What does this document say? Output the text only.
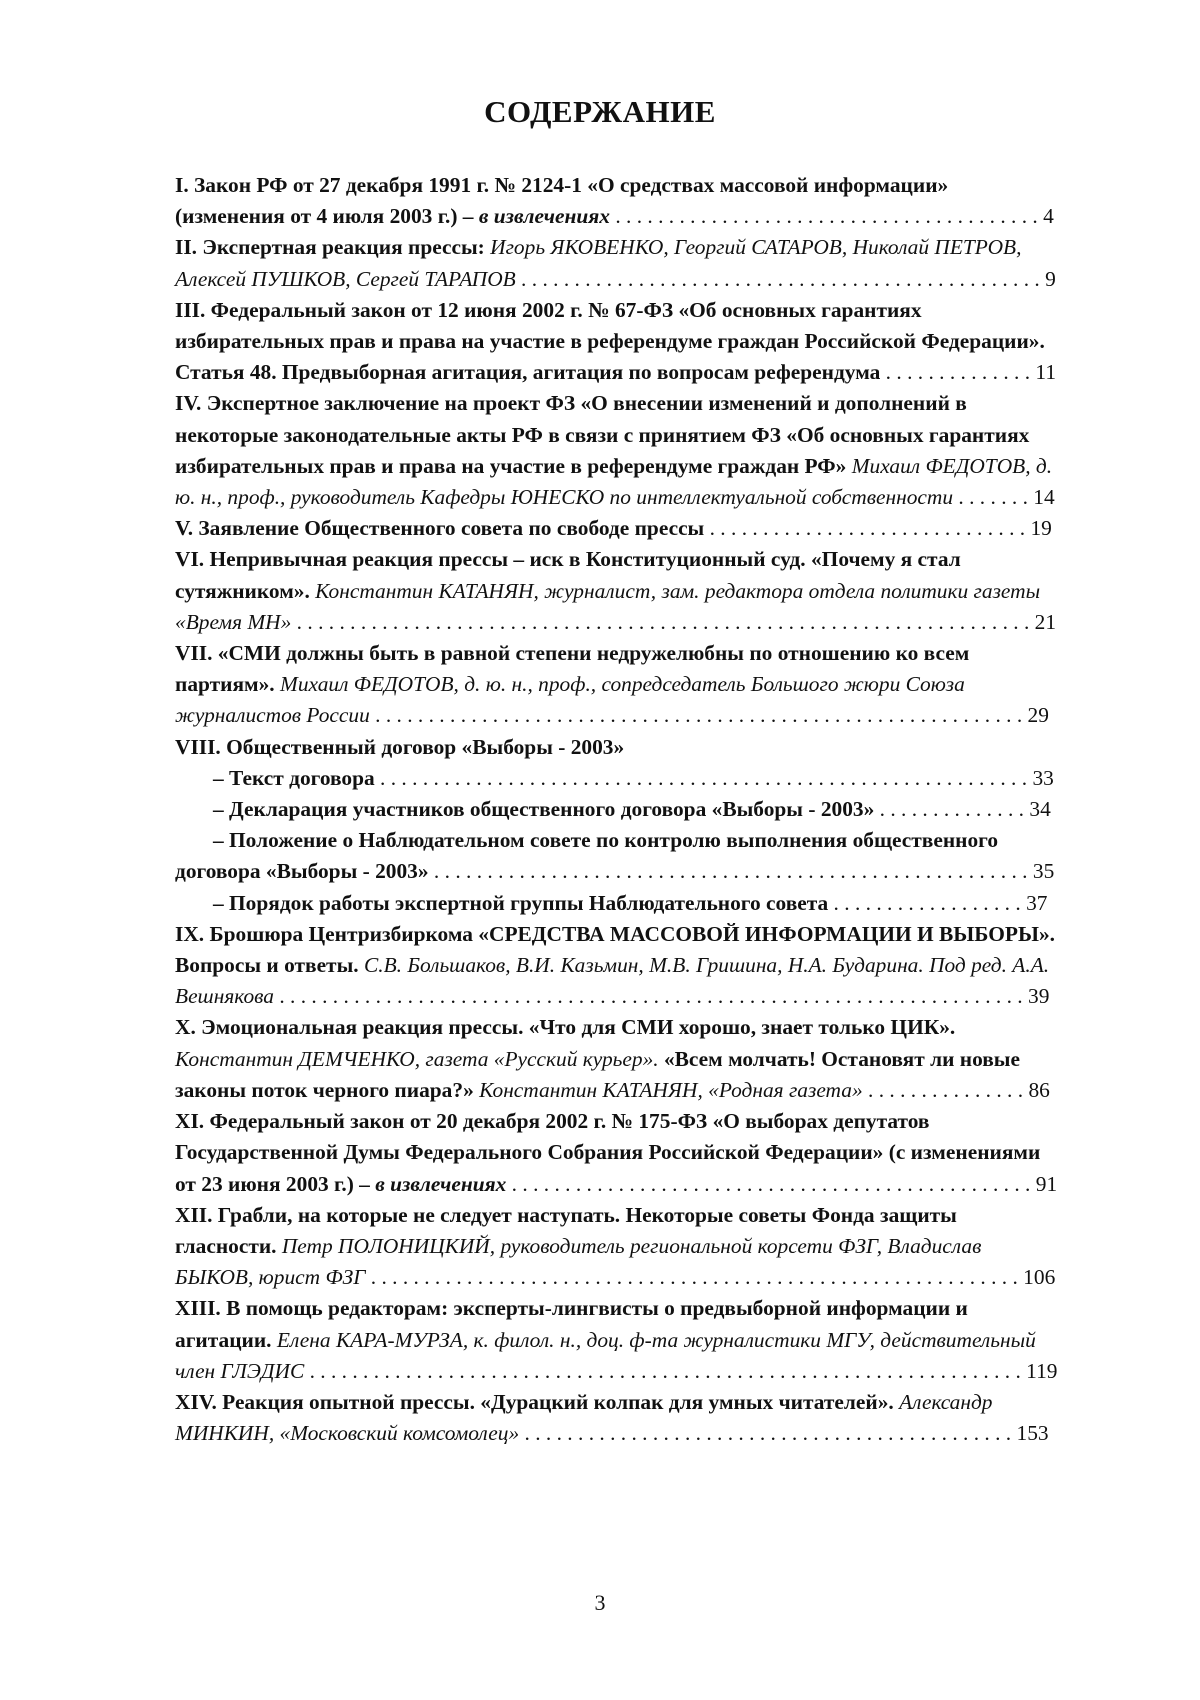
СОДЕРЖАНИЕ
I. Закон РФ от 27 декабря 1991 г. № 2124-1 «О средствах массовой информации» (изменения от 4 июля 2003 г.) – в извлечениях . . . . . . . . . . . . . . . . . . . . . . . . . . . . . . . . . . . . . . . . 4
II. Экспертная реакция прессы: Игорь ЯКОВЕНКО, Георгий САТАРОВ, Николай ПЕТРОВ, Алексей ПУШКОВ, Сергей ТАРАПОВ . . . . . . . . . . . . . . . . . . . . . . . . . . . . . . . . . . . . . . . . . . . . . . . . . 9
III. Федеральный закон от 12 июня 2002 г. № 67-ФЗ «Об основных гарантиях избирательных прав и права на участие в референдуме граждан Российской Федерации». Статья 48. Предвыборная агитация, агитация по вопросам референдума . . . . . . . . . . . . . . 11
IV. Экспертное заключение на проект ФЗ «О внесении изменений и дополнений в некоторые законодательные акты РФ в связи с принятием ФЗ «Об основных гарантиях избирательных прав и права на участие в референдуме граждан РФ» Михаил ФЕДОТОВ, д. ю. н., проф., руководитель Кафедры ЮНЕСКО по интеллектуальной собственности . . . . . . . 14
V. Заявление Общественного совета по свободе прессы . . . . . . . . . . . . . . . . . . . . . . . . . . . . . . 19
VI. Непривычная реакция прессы – иск в Конституционный суд. «Почему я стал сутяжником». Константин КАТАНЯН, журналист, зам. редактора отдела политики газеты «Время МН» . . . . . . . . . . . . . . . . . . . . . . . . . . . . . . . . . . . . . . . . . . . . . . . . . . . . . . . . . . . . . . . . . . . . . 21
VII. «СМИ должны быть в равной степени недружелюбны по отношению ко всем партиям». Михаил ФЕДОТОВ, д. ю. н., проф., сопредседатель Большого жюри Союза журналистов России . . . . . . . . . . . . . . . . . . . . . . . . . . . . . . . . . . . . . . . . . . . . . . . . . . . . . . . . . . . . . 29
VIII. Общественный договор «Выборы - 2003»
– Текст договора . . . . . . . . . . . . . . . . . . . . . . . . . . . . . . . . . . . . . . . . . . . . . . . . . . . . . . . . . . . . . 33
– Декларация участников общественного договора «Выборы - 2003» . . . . . . . . . . . . . . 34
– Положение о Наблюдательном совете по контролю выполнения общественного договора «Выборы - 2003» . . . . . . . . . . . . . . . . . . . . . . . . . . . . . . . . . . . . . . . . . . . . . . . . . . . . . . . . 35
– Порядок работы экспертной группы Наблюдательного совета . . . . . . . . . . . . . . . . . . 37
IX. Брошюра Центризбиркома «СРЕДСТВА МАССОВОЙ ИНФОРМАЦИИ И ВЫБОРЫ». Вопросы и ответы. С.В. Большаков, В.И. Казьмин, М.В. Гришина, Н.А. Бударина. Под ред. А.А. Вешнякова . . . . . . . . . . . . . . . . . . . . . . . . . . . . . . . . . . . . . . . . . . . . . . . . . . . . . . . . . . . . . . . . . . . . . . 39
X. Эмоциональная реакция прессы. «Что для СМИ хорошо, знает только ЦИК». Константин ДЕМЧЕНКО, газета «Русский курьер». «Всем молчать! Остановят ли новые законы поток черного пиара?» Константин КАТАНЯН, «Родная газета» . . . . . . . . . . . . . . . 86
XI. Федеральный закон от 20 декабря 2002 г. № 175-ФЗ «О выборах депутатов Государственной Думы Федерального Собрания Российской Федерации» (с изменениями от 23 июня 2003 г.) – в извлечениях . . . . . . . . . . . . . . . . . . . . . . . . . . . . . . . . . . . . . . . . . . . . . . . . . 91
XII. Грабли, на которые не следует наступать. Некоторые советы Фонда защиты гласности. Петр ПОЛОНИЦКИЙ, руководитель региональной корсети ФЗГ, Владислав БЫКОВ, юрист ФЗГ . . . . . . . . . . . . . . . . . . . . . . . . . . . . . . . . . . . . . . . . . . . . . . . . . . . . . . . . . . . . . 106
XIII. В помощь редакторам: эксперты-лингвисты о предвыборной информации и агитации. Елена КАРА-МУРЗА, к. филол. н., доц. ф-та журналистики МГУ, действительный член ГЛЭДИС . . . . . . . . . . . . . . . . . . . . . . . . . . . . . . . . . . . . . . . . . . . . . . . . . . . . . . . . . . . . . . . . . . . 119
XIV. Реакция опытной прессы. «Дурацкий колпак для умных читателей». Александр МИНКИН, «Московский комсомолец» . . . . . . . . . . . . . . . . . . . . . . . . . . . . . . . . . . . . . . . . . . . . . . 153
3
